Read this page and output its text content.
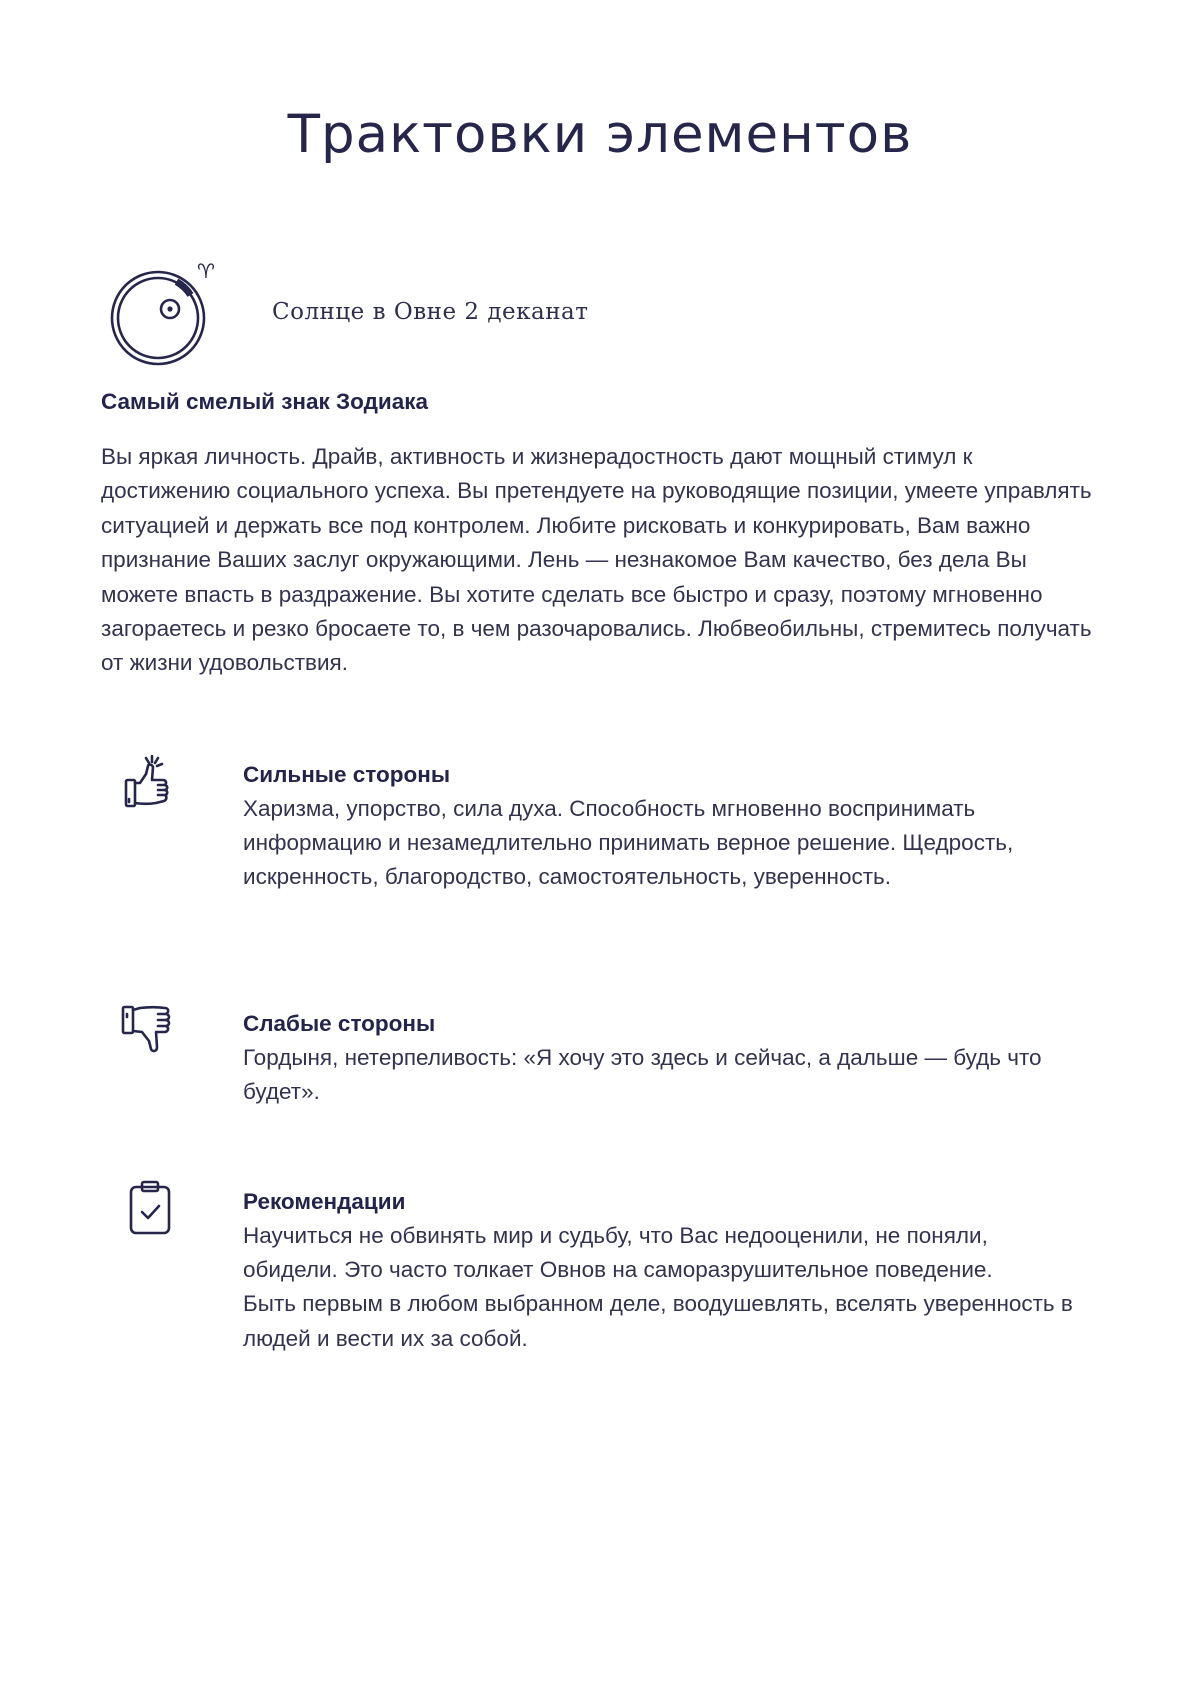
Трактовки элементов
♈
Солнце в Овне 2 деканат
Самый смелый знак Зодиака

Вы яркая личность. Драйв, активность и жизнерадостность дают мощный стимул к достижению социального успеха. Вы претендуете на руководящие позиции, умеете управлять ситуацией и держать все под контролем. Любите рисковать и конкурировать, Вам важно признание Ваших заслуг окружающими. Лень — незнакомое Вам качество, без дела Вы можете впасть в раздражение. Вы хотите сделать все быстро и сразу, поэтому мгновенно загораетесь и резко бросаете то, в чем разочаровались. Любвеобильны, стремитесь получать от жизни удовольствия.

Сильные стороны

Харизма, упорство, сила духа. Способность мгновенно воспринимать информацию и незамедлительно принимать верное решение. Щедрость, искренность, благородство, самостоятельность, уверенность.

Слабые стороны

Гордыня, нетерпеливость: «Я хочу это здесь и сейчас, а дальше — будь что будет».

Рекомендации

Научиться не обвинять мир и судьбу, что Вас недооценили, не поняли, обидели. Это часто толкает Овнов на саморазрушительное поведение.

Быть первым в любом выбранном деле, воодушевлять, вселять уверенность в людей и вести их за собой.
